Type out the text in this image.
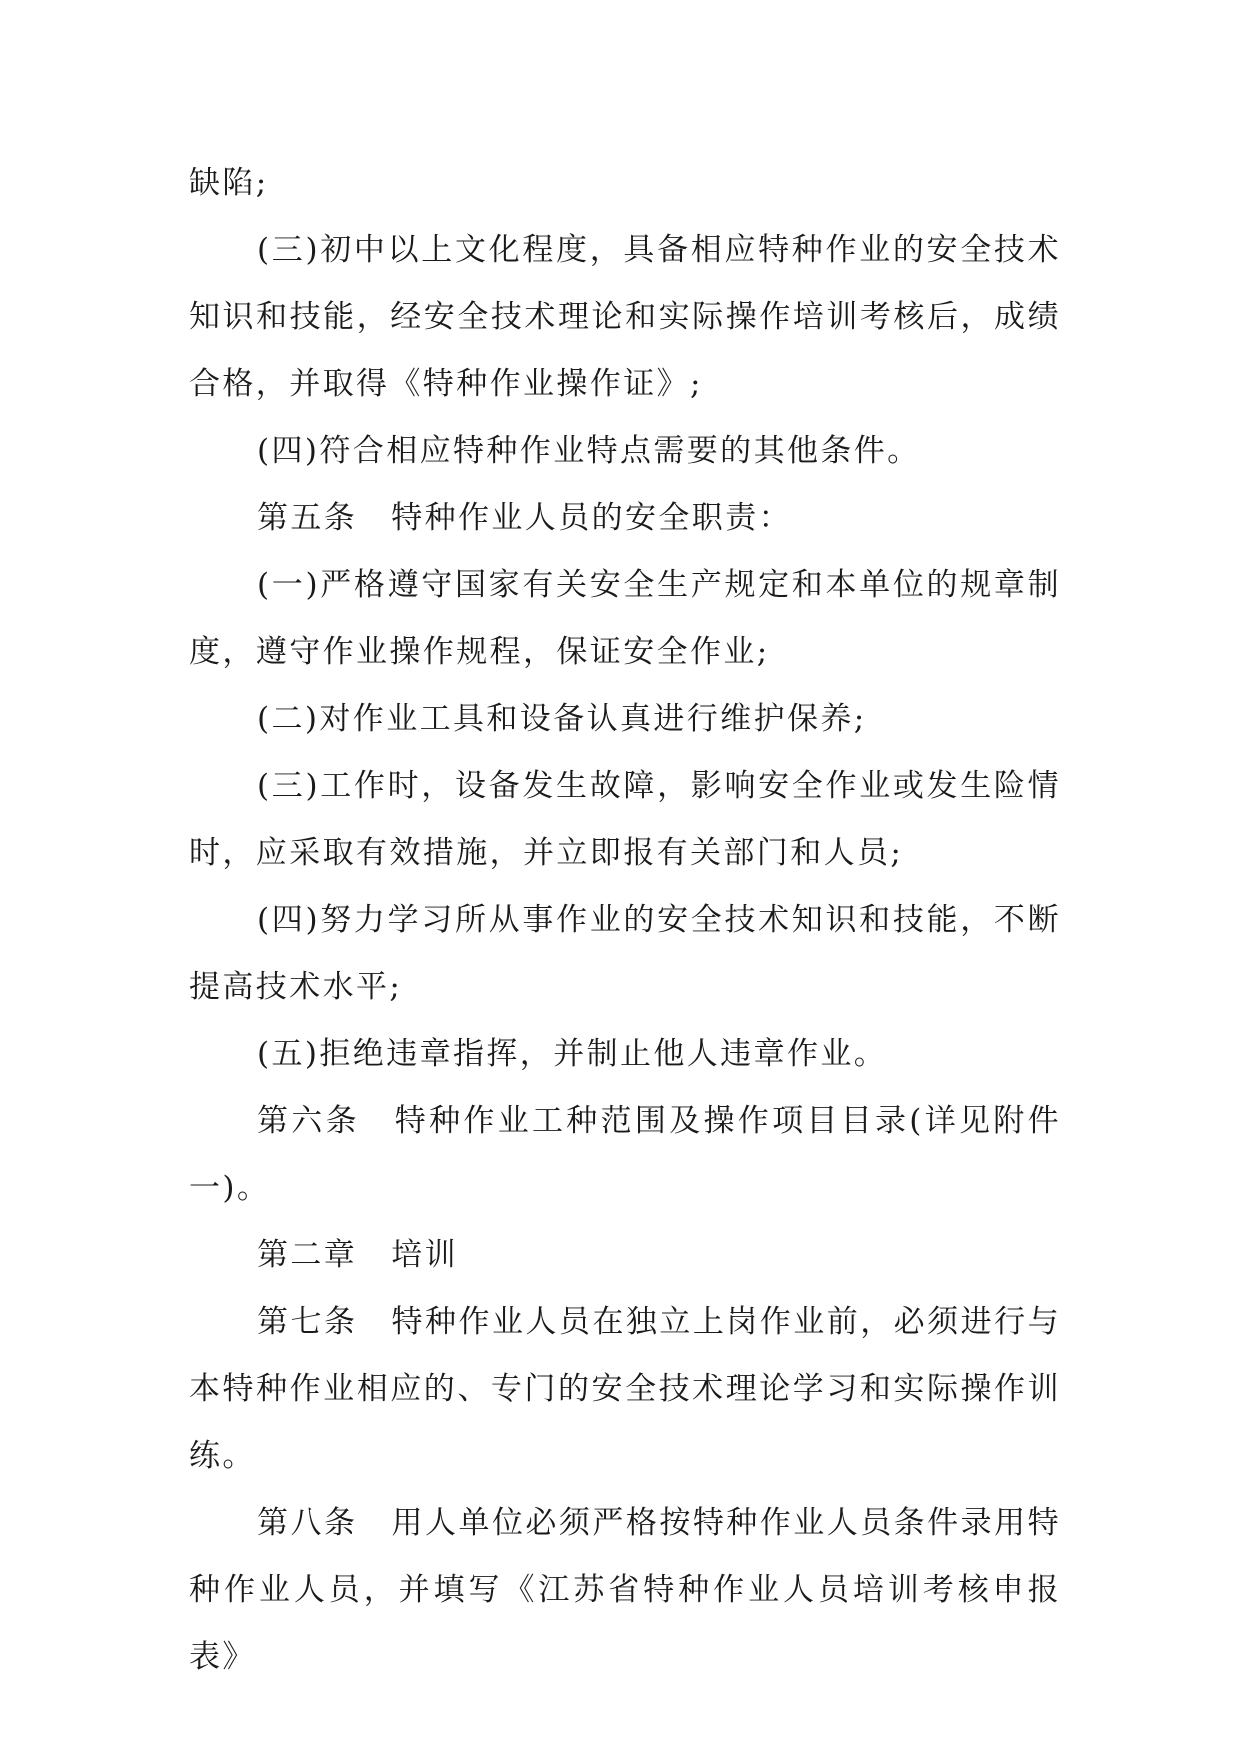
缺陷;

(三)初中以上文化程度，具备相应特种作业的安全技术知识和技能，经安全技术理论和实际操作培训考核后，成绩合格，并取得《特种作业操作证》;

(四)符合相应特种作业特点需要的其他条件。

第五条 特种作业人员的安全职责：

(一)严格遵守国家有关安全生产规定和本单位的规章制度，遵守作业操作规程，保证安全作业;

(二)对作业工具和设备认真进行维护保养;

(三)工作时，设备发生故障，影响安全作业或发生险情时，应采取有效措施，并立即报有关部门和人员;

(四)努力学习所从事作业的安全技术知识和技能，不断提高技术水平;

(五)拒绝违章指挥，并制止他人违章作业。

第六条 特种作业工种范围及操作项目目录(详见附件一)。

第二章 培训

第七条 特种作业人员在独立上岗作业前，必须进行与本特种作业相应的、专门的安全技术理论学习和实际操作训练。

第八条 用人单位必须严格按特种作业人员条件录用特种作业人员，并填写《江苏省特种作业人员培训考核申报表》
